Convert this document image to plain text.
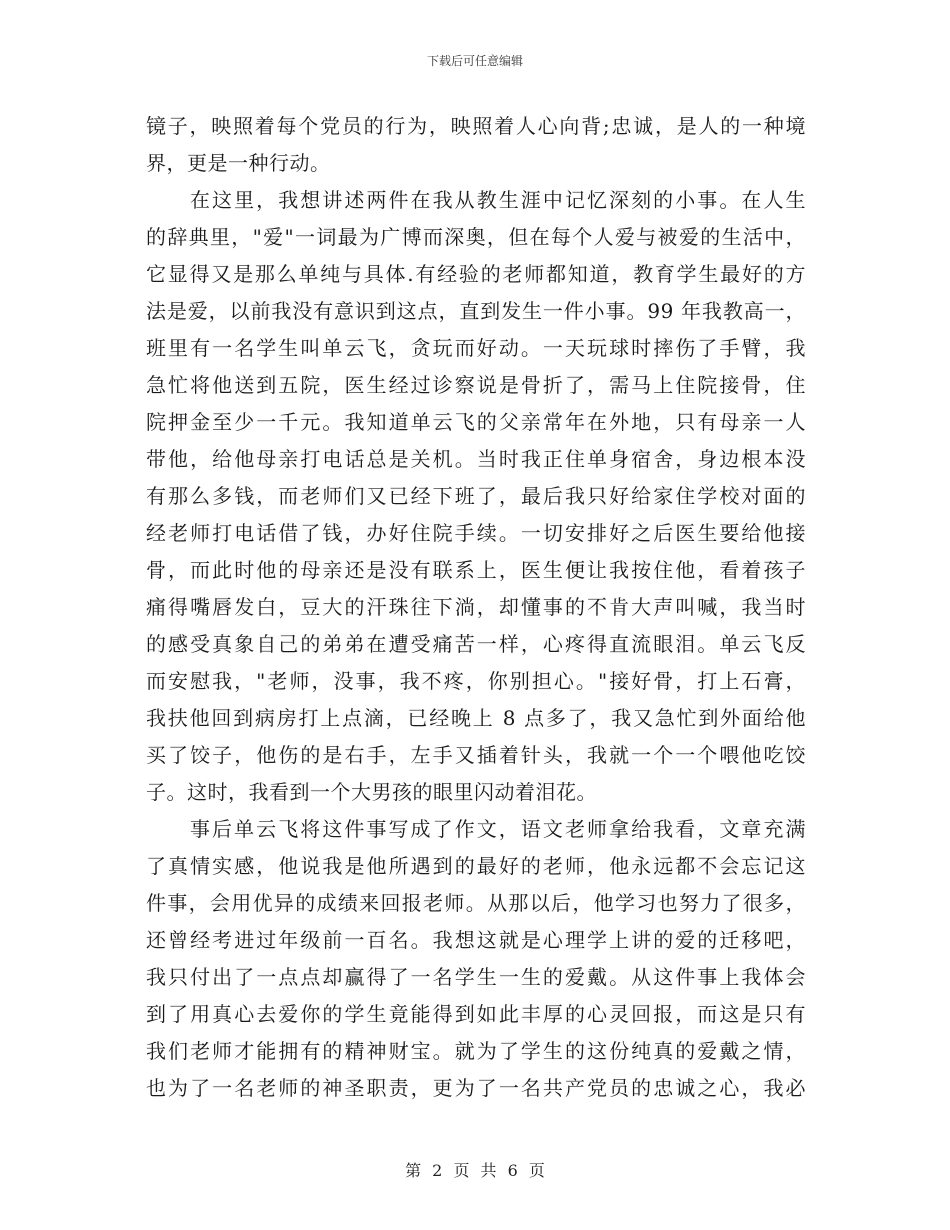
下载后可任意编辑
镜子，映照着每个党员的行为，映照着人心向背;忠诚，是人的一种境
界，更是一种行动。
在这里，我想讲述两件在我从教生涯中记忆深刻的小事。在人生
的辞典里，"爱"一词最为广博而深奥，但在每个人爱与被爱的生活中，
它显得又是那么单纯与具体.有经验的老师都知道，教育学生最好的方
法是爱，以前我没有意识到这点，直到发生一件小事。99 年我教高一，
班里有一名学生叫单云飞，贪玩而好动。一天玩球时摔伤了手臂，我
急忙将他送到五院，医生经过诊察说是骨折了，需马上住院接骨，住
院押金至少一千元。我知道单云飞的父亲常年在外地，只有母亲一人
带他，给他母亲打电话总是关机。当时我正住单身宿舍，身边根本没
有那么多钱，而老师们又已经下班了，最后我只好给家住学校对面的
经老师打电话借了钱，办好住院手续。一切安排好之后医生要给他接
骨，而此时他的母亲还是没有联系上，医生便让我按住他，看着孩子
痛得嘴唇发白，豆大的汗珠往下淌，却懂事的不肯大声叫喊，我当时
的感受真象自己的弟弟在遭受痛苦一样，心疼得直流眼泪。单云飞反
而安慰我，"老师，没事，我不疼，你别担心。"接好骨，打上石膏，
我扶他回到病房打上点滴，已经晚上 8 点多了，我又急忙到外面给他
买了饺子，他伤的是右手，左手又插着针头，我就一个一个喂他吃饺
子。这时，我看到一个大男孩的眼里闪动着泪花。
事后单云飞将这件事写成了作文，语文老师拿给我看，文章充满
了真情实感，他说我是他所遇到的最好的老师，他永远都不会忘记这
件事，会用优异的成绩来回报老师。从那以后，他学习也努力了很多，
还曾经考进过年级前一百名。我想这就是心理学上讲的爱的迁移吧，
我只付出了一点点却赢得了一名学生一生的爱戴。从这件事上我体会
到了用真心去爱你的学生竟能得到如此丰厚的心灵回报，而这是只有
我们老师才能拥有的精神财宝。就为了学生的这份纯真的爱戴之情，
也为了一名老师的神圣职责，更为了一名共产党员的忠诚之心，我必
第 2 页 共 6 页
